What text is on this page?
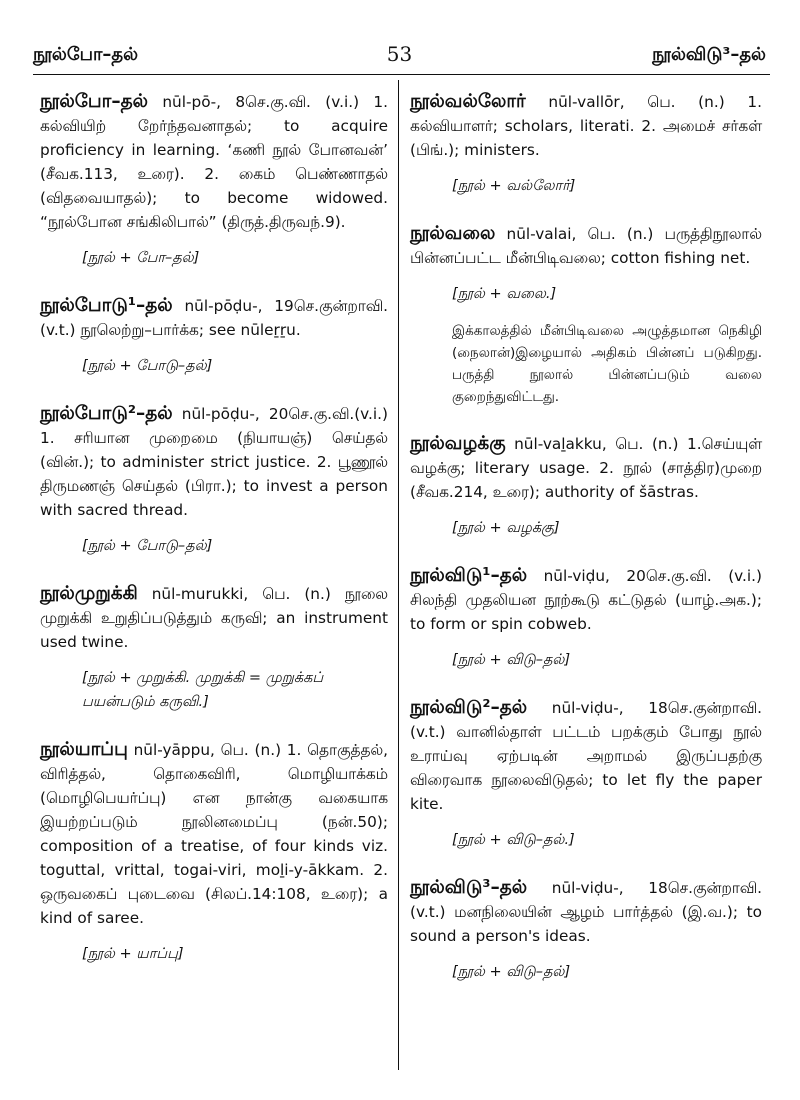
நூல்போ–தல்	53	நூல்விடு³–தல்

நூல்போ–தல் nūl-pō-, 8செ.கு.வி. (v.i.) 1. கல்வியிற் றேர்ந்தவனாதல்; to acquire proficiency in learning. ‘கணி நூல் போனவன்’ (சீவக.113, உரை). 2. கைம் பெண்ணாதல் (விதவையாதல்); to become widowed. “நூல்போன சங்கிலிபால்” (திருத்.திருவந்.9).

[நூல் + போ–தல்]

நூல்போடு¹–தல் nūl-pōḍu-, 19செ.குன்றாவி. (v.t.) நூலெற்று–பார்க்க; see nūleṟṟu.

[நூல் + போடு–தல்]

நூல்போடு²–தல் nūl-pōḍu-, 20செ.கு.வி.(v.i.) 1. சரியான முறைமை (நியாயஞ்) செய்தல் (வின்.); to administer strict justice. 2. பூணூல் திருமணஞ் செய்தல் (பிரா.); to invest a person with sacred thread.

[நூல் + போடு–தல்]

நூல்முறுக்கி nūl-murukki, பெ. (n.) நூலை முறுக்கி உறுதிப்படுத்தும் கருவி; an instrument used twine.

[நூல் + முறுக்கி. முறுக்கி = முறுக்கப் பயன்படும் கருவி.]

நூல்யாப்பு nūl-yāppu, பெ. (n.) 1. தொகுத்தல், விரித்தல், தொகைவிரி, மொழியாக்கம் (மொழிபெயர்ப்பு) என நான்கு வகையாக இயற்றப்படும் நூலினமைப்பு (நன்.50); composition of a treatise, of four kinds viz. toguttal, vrittal, togai-viri, moḻi-y-ākkam. 2. ஒருவகைப் புடைவை (சிலப்.14:108, உரை); a kind of saree.

[நூல் + யாப்பு]

நூல்வல்லோர் nūl-vallōr, பெ. (n.) 1. கல்வியாளர்; scholars, literati. 2. அமைச் சர்கள் (பிங்.); ministers.

[நூல் + வல்லோர்]

நூல்வலை nūl-valai, பெ. (n.) பருத்திநூலால் பின்னப்பட்ட மீன்பிடிவலை; cotton fishing net.

[நூல் + வலை.]
இக்காலத்தில் மீன்பிடிவலை அழுத்தமான நெகிழி (நைலான்)இழையால் அதிகம் பின்னப் படுகிறது. பருத்தி நூலால் பின்னப்படும் வலை குறைந்துவிட்டது.

நூல்வழக்கு nūl-vaḻakku, பெ. (n.) 1.செய்யுள் வழக்கு; literary usage. 2. நூல் (சாத்திர)முறை (சீவக.214, உரை); authority of šāstras.

[நூல் + வழக்கு]

நூல்விடு¹–தல் nūl-viḍu, 20செ.கு.வி. (v.i.) சிலந்தி முதலியன நூற்கூடு கட்டுதல் (யாழ்.அக.); to form or spin cobweb.

[நூல் + விடு–தல்]

நூல்விடு²–தல் nūl-viḍu-, 18செ.குன்றாவி. (v.t.) வானில்தாள் பட்டம் பறக்கும் போது நூல் உராய்வு ஏற்படின் அறாமல் இருப்பதற்கு விரைவாக நூலைவிடுதல்; to let fly the paper kite.

[நூல் + விடு–தல்.]

நூல்விடு³–தல் nūl-viḍu-, 18செ.குன்றாவி. (v.t.) மனநிலையின் ஆழம் பார்த்தல் (இ.வ.); to sound a person's ideas.

[நூல் + விடு–தல்]
